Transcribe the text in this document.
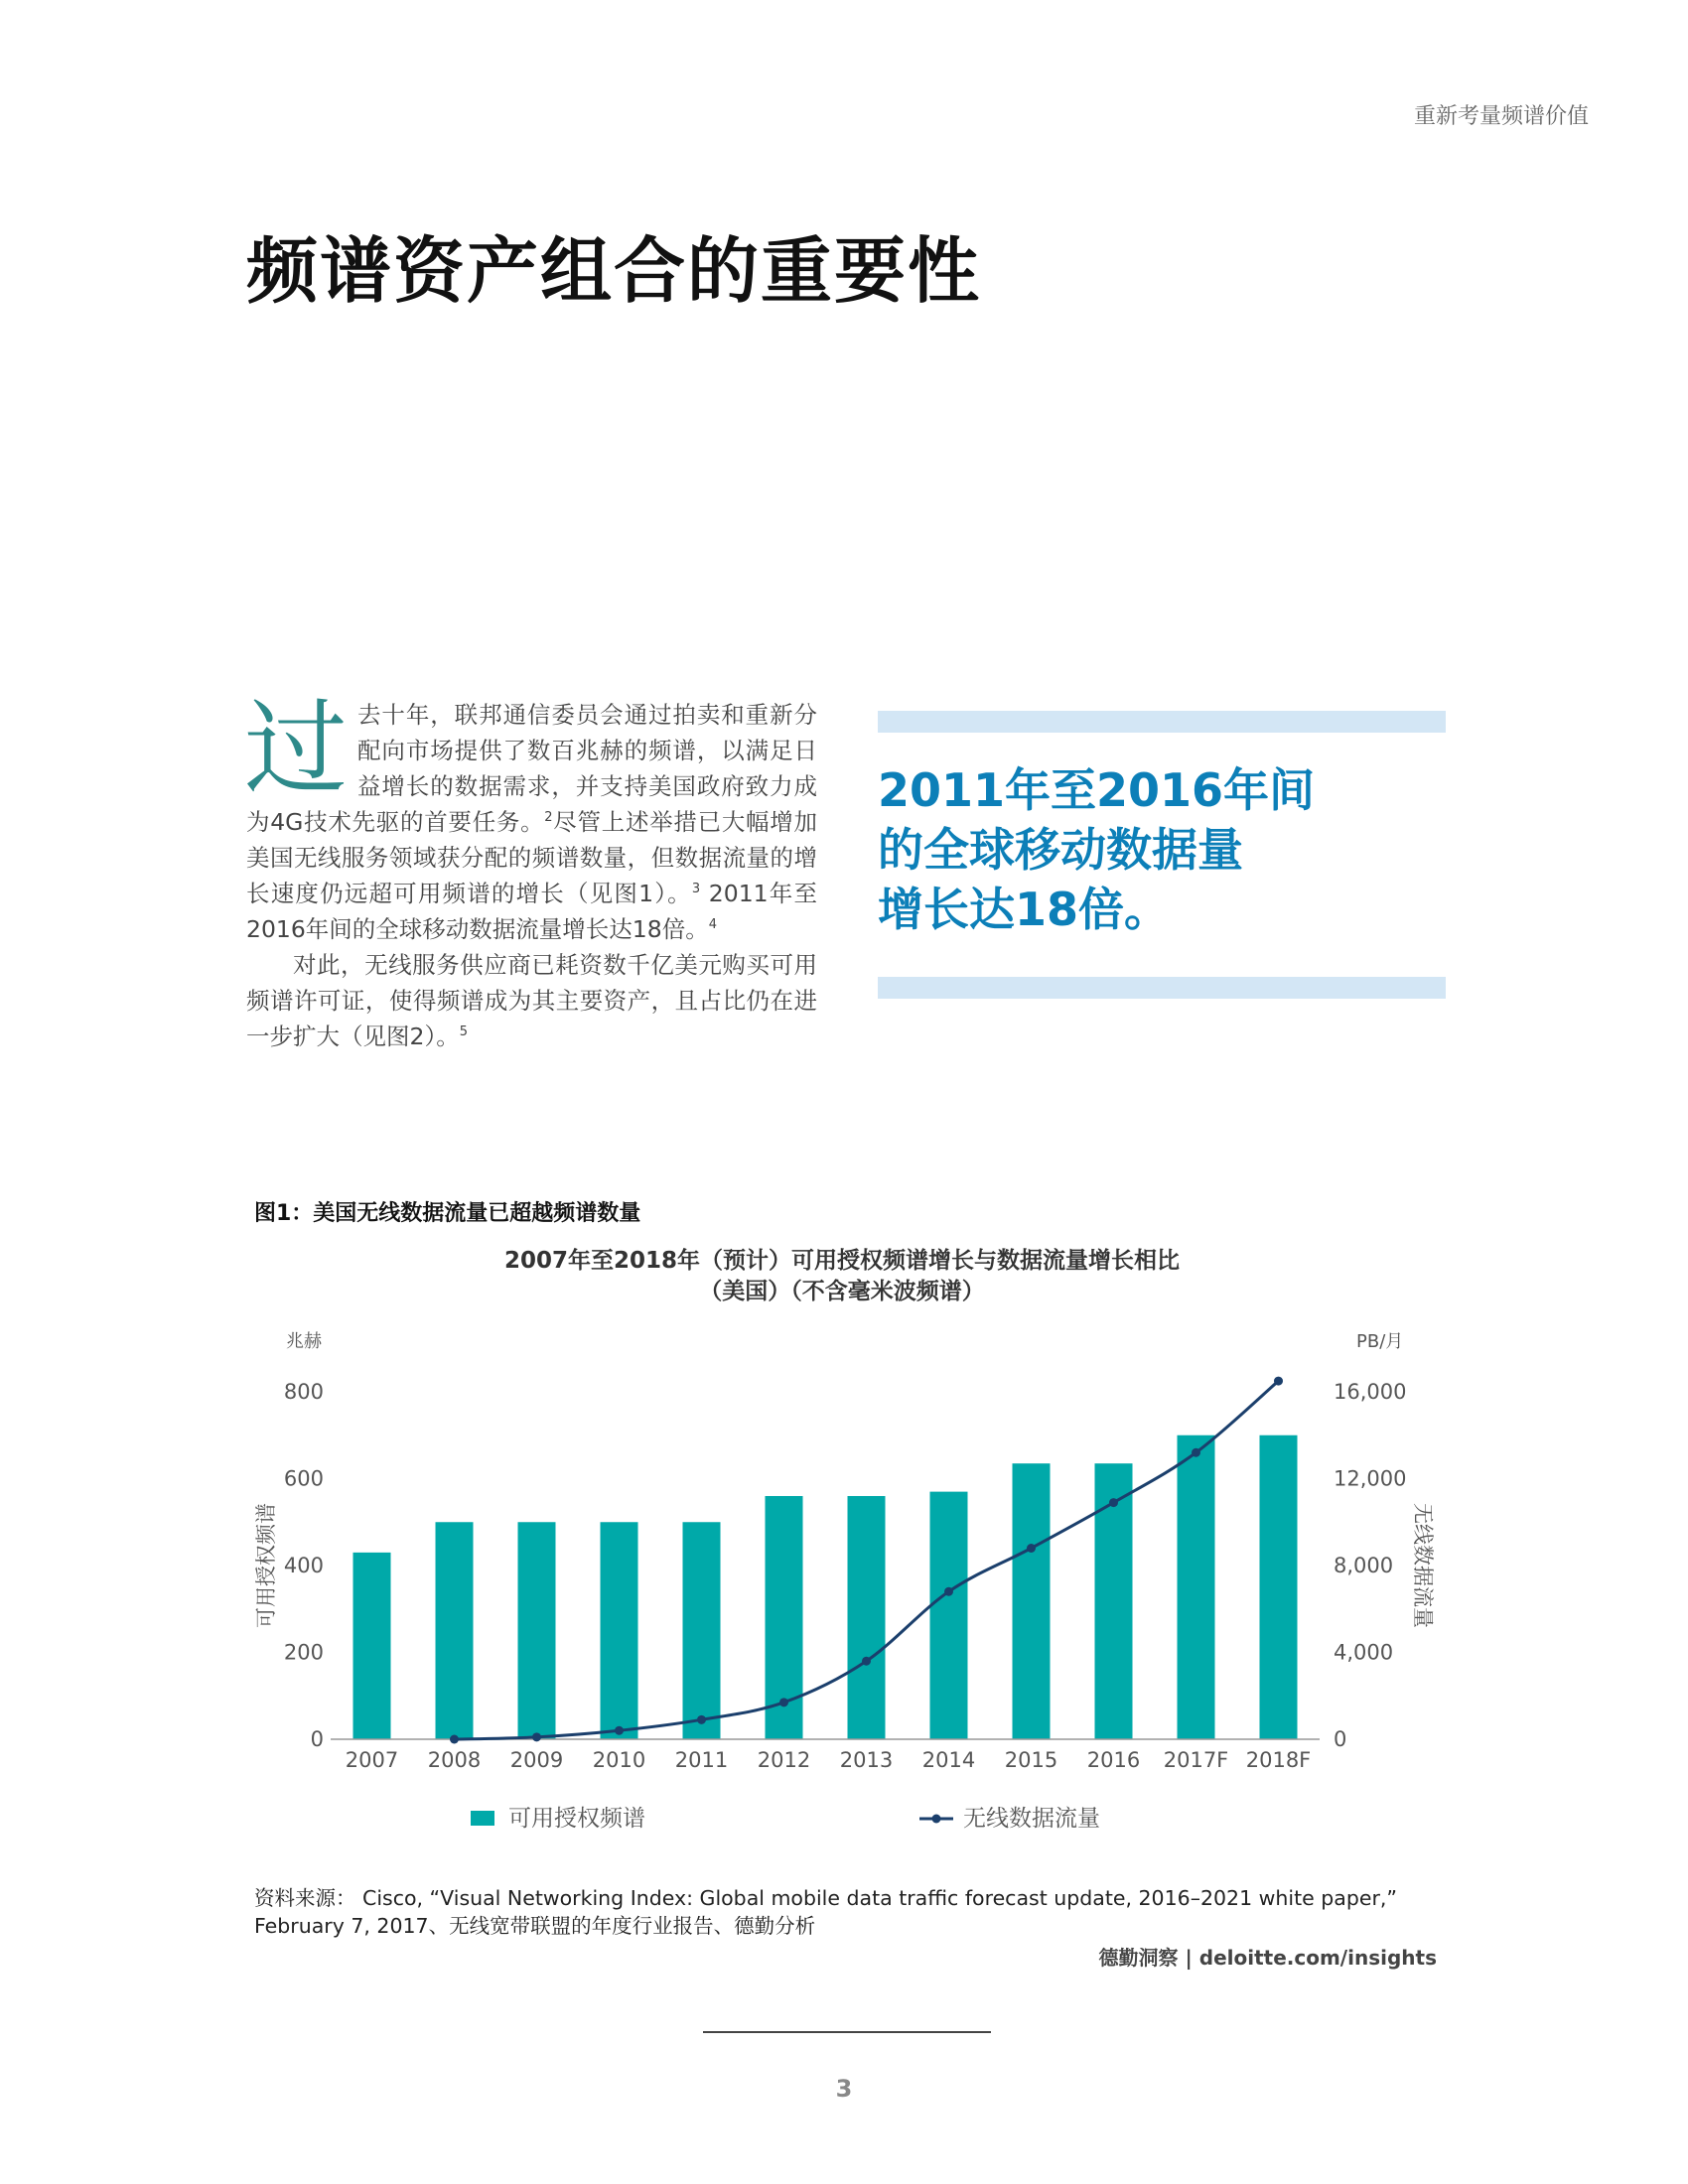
重新考量频谱价值
频谱资产组合的重要性

过去十年，联邦通信委员会通过拍卖和重新分配向市场提供了数百兆赫的频谱，以满足日益增长的数据需求，并支持美国政府致力成为4G技术先驱的首要任务。$^2$尽管上述举措已大幅增加美国无线服务领域获分配的频谱数量，但数据流量的增长速度仍远超可用频谱的增长（见图1）。$^3$ 2011年至2016年间的全球移动数据流量增长达18倍。$^4$

对此，无线服务供应商已耗资数千亿美元购买可用频谱许可证，使得频谱成为其主要资产，且占比仍在进一步扩大（见图2）。$^5$

2011年至2016年间
的全球移动数据量
增长达18倍。
图1：美国无线数据流量已超越频谱数量
2007年至2018年（预计）可用授权频谱增长与数据流量增长相比
（美国）（不含毫米波频谱）
2007 2008 2009 2010 2011 2012 2013 2014 2015 2016 2017F 2018F
0
200
400
600
800
0
4,000
8,000
12,000
16,000
兆赫	PB/月
可用授权频谱	无线数据流量
可用授权频谱	无线数据流量
资料来源： Cisco, “Visual Networking Index: Global mobile data traffic forecast update, 2016–2021 white paper,”
February 7, 2017、无线宽带联盟的年度行业报告、德勤分析
德勤洞察 | deloitte.com/insights
3
